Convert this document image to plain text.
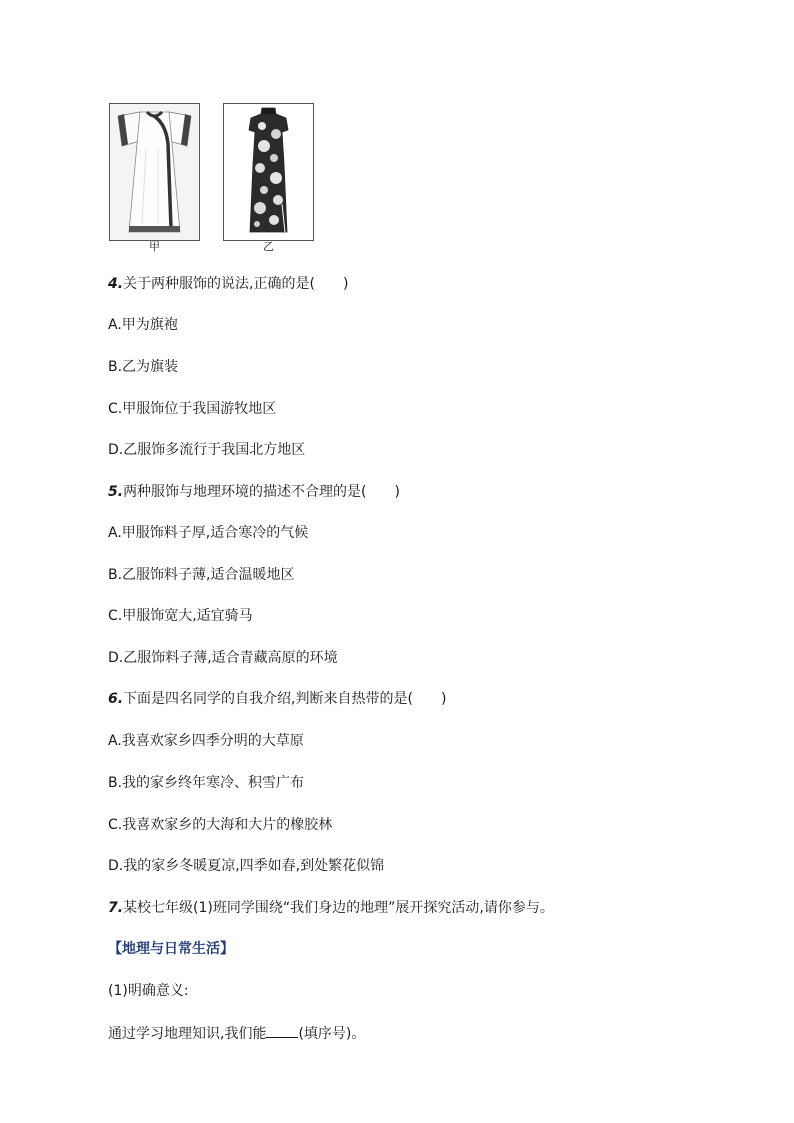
甲	乙
4.关于两种服饰的说法,正确的是(　　)
A.甲为旗袍
B.乙为旗装
C.甲服饰位于我国游牧地区
D.乙服饰多流行于我国北方地区
5.两种服饰与地理环境的描述不合理的是(　　)
A.甲服饰料子厚,适合寒冷的气候
B.乙服饰料子薄,适合温暖地区
C.甲服饰宽大,适宜骑马
D.乙服饰料子薄,适合青藏高原的环境
6.下面是四名同学的自我介绍,判断来自热带的是(　　)
A.我喜欢家乡四季分明的大草原
B.我的家乡终年寒冷、积雪广布
C.我喜欢家乡的大海和大片的橡胶林
D.我的家乡冬暖夏凉,四季如春,到处繁花似锦
7.某校七年级(1)班同学围绕“我们身边的地理”展开探究活动,请你参与。
【地理与日常生活】
(1)明确意义:
通过学习地理知识,我们能 (填序号)。
